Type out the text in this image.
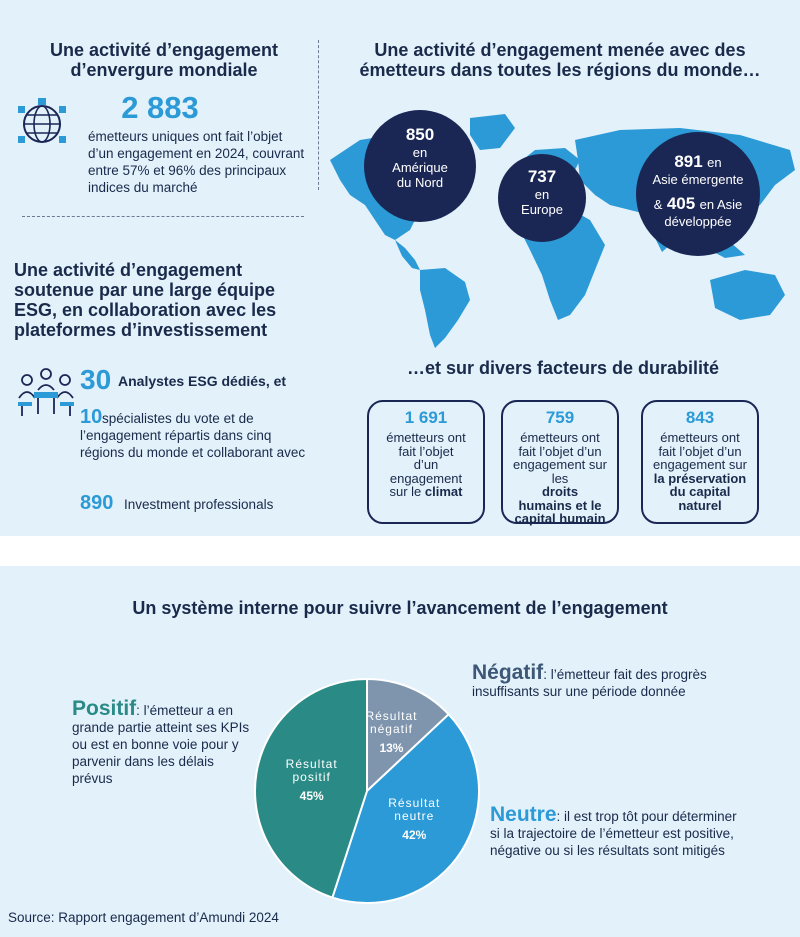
Une activité d’engagement d’envergure mondiale
2 883
émetteurs uniques ont fait l’objet d’un engagement en 2024, couvrant entre 57% et 96% des principaux indices du marché
Une activité d’engagement soutenue par une large équipe ESG, en collaboration avec les plateformes d’investissement
30 Analystes ESG dédiés, et
10 spécialistes du vote et de l’engagement répartis dans cinq régions du monde et collaborant avec
890 Investment professionals
Une activité d’engagement menée avec des émetteurs dans toutes les régions du monde…
850
en
Amérique
du Nord	737
en
Europe
891 en
Asie émergente
& 405 en Asie
développée
…et sur divers facteurs de durabilité
1 691
émetteurs ont
fait l’objet
d’un
engagement
sur le climat
759
émetteurs ont
fait l’objet d’un
engagement sur
les
droits
humains et le
capital humain
843
émetteurs ont
fait l’objet d’un
engagement sur
la préservation
du capital
naturel
Un système interne pour suivre l’avancement de l’engagement
Positif: l’émetteur a en grande partie atteint ses KPIs ou est en bonne voie pour y parvenir dans les délais prévus
Négatif: l’émetteur fait des progrès insuffisants sur une période donnée
Neutre: il est trop tôt pour déterminer si la trajectoire de l’émetteur est positive, négative ou si les résultats sont mitigés
Résultat
négatif
13%
Résultat
neutre
42%
Résultat
positif
45%
Source: Rapport engagement d’Amundi 2024
